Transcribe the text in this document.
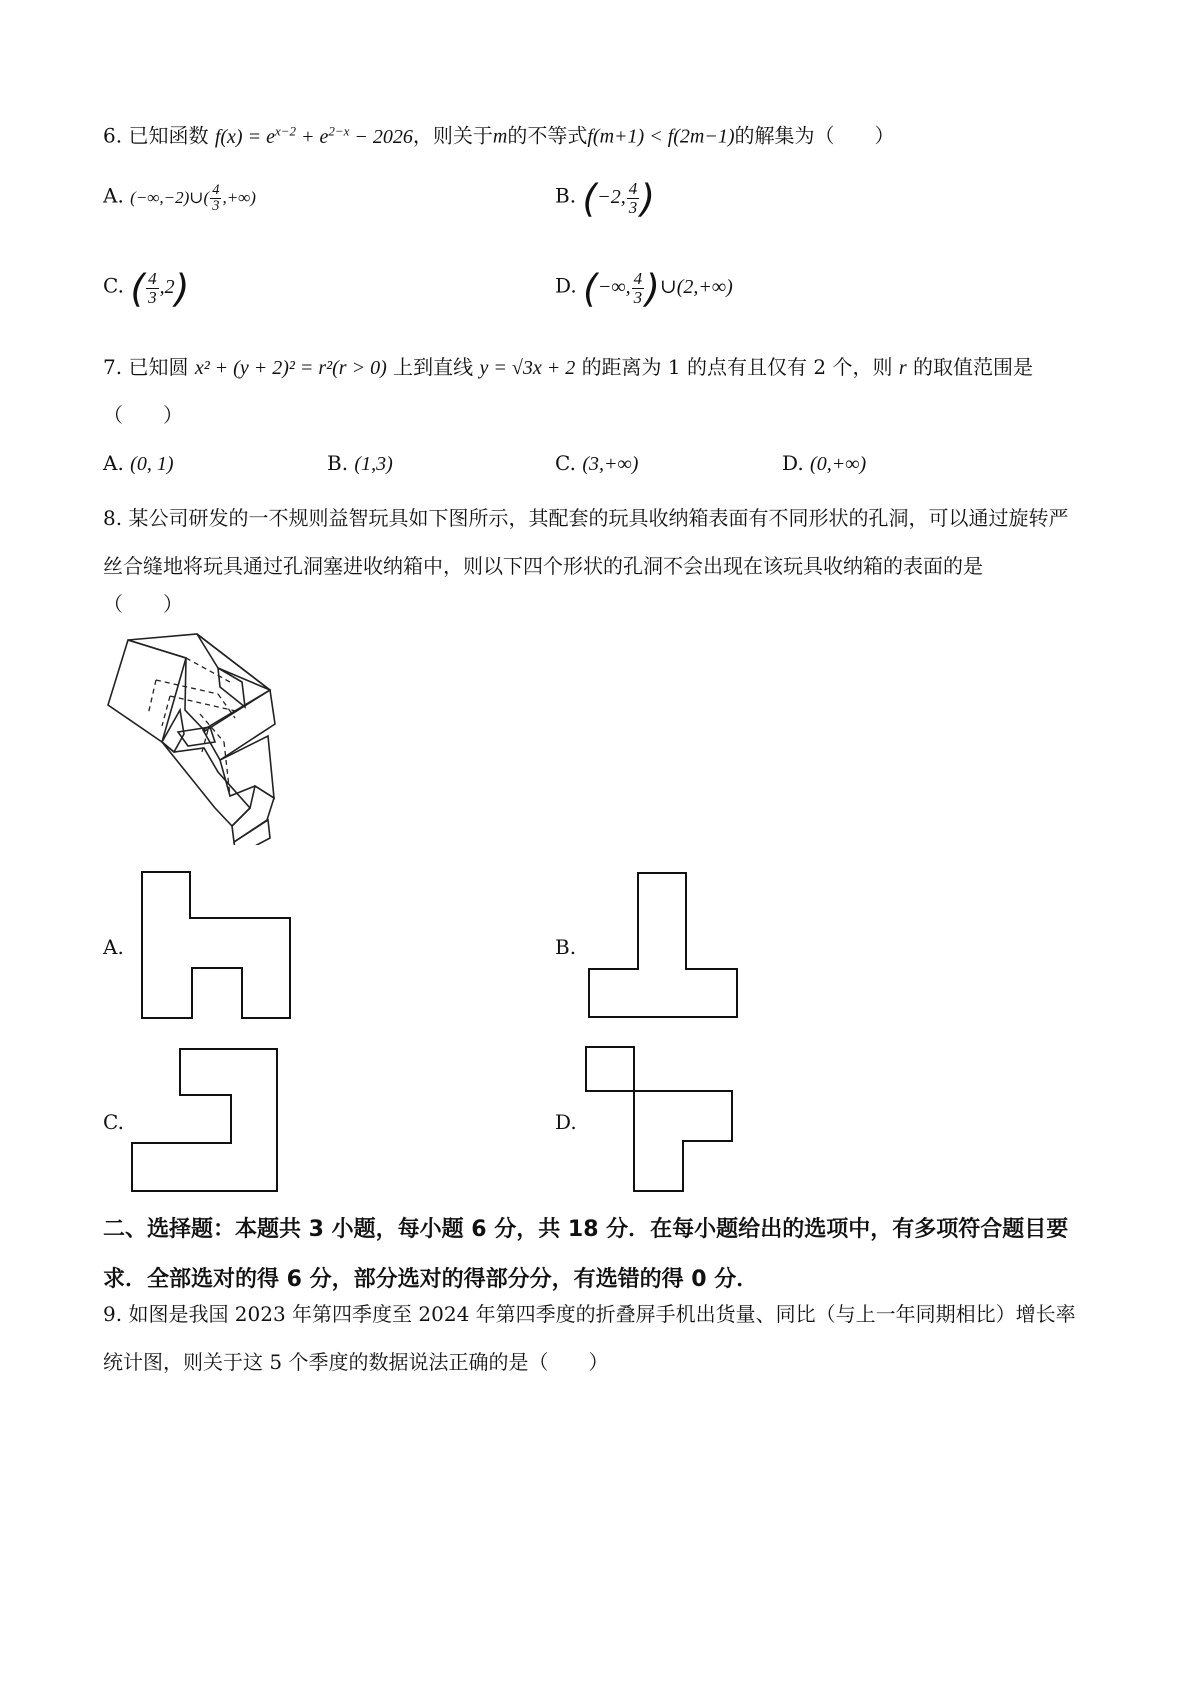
6. 已知函数 $f(x) = e^{x-2} + e^{2-x} - 2026$，则关于m的不等式f(m+1) < f(2m−1)的解集为（　　）
A. (−∞,−2)∪( $\frac{4}{3}$ ,+∞)	B. (−2, $\frac{4}{3}$ )
C. ( $\frac{4}{3} ,2$)	D. (−∞, $\frac{4}{3}$ )∪(2,+∞)
7. 已知圆 x² + (y + 2)² = r²(r > 0) 上到直线 y = √3x + 2 的距离为 1 的点有且仅有 2 个，则 r 的取值范围是
（　　）
A. (0, 1)	B. (1,3)	C. (3,+∞)	D. (0,+∞)
8. 某公司研发的一不规则益智玩具如下图所示，其配套的玩具收纳箱表面有不同形状的孔洞，可以通过旋转严丝合缝地将玩具通过孔洞塞进收纳箱中，则以下四个形状的孔洞不会出现在该玩具收纳箱的表面的是
（　　）
A.	B.
C.	D.
二、选择题：本题共 3 小题，每小题 6 分，共 18 分．在每小题给出的选项中，有多项符合题目要求．全部选对的得 6 分，部分选对的得部分分，有选错的得 0 分．
9. 如图是我国 2023 年第四季度至 2024 年第四季度的折叠屏手机出货量、同比（与上一年同期相比）增长率统计图，则关于这 5 个季度的数据说法正确的是（　　）
